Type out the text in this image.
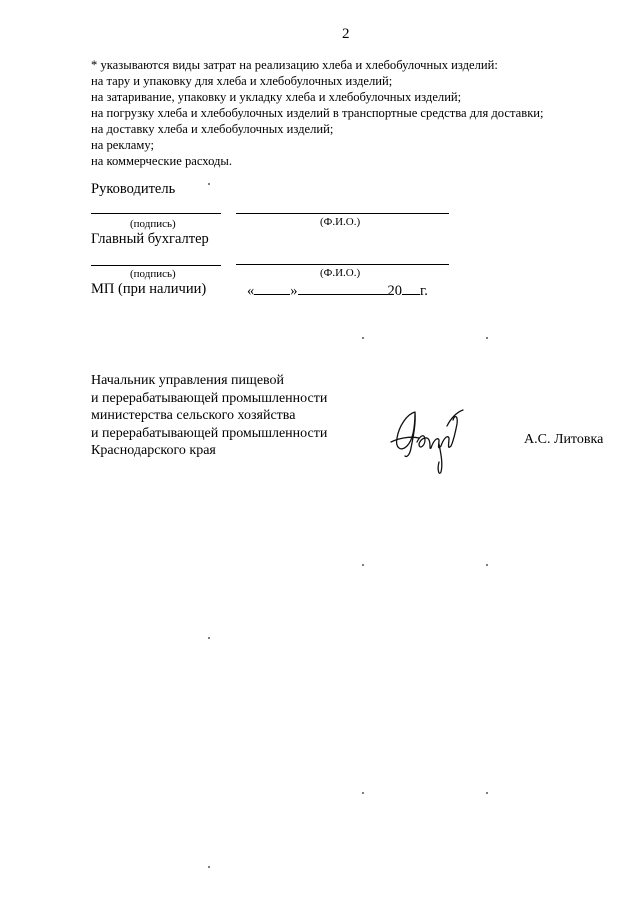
2
* указываются виды затрат на реализацию хлеба и хлебобулочных изделий:
на тару и упаковку для хлеба и хлебобулочных изделий;
на затаривание, упаковку и укладку хлеба и хлебобулочных изделий;
на погрузку хлеба и хлебобулочных изделий в транспортные средства для доставки;
на доставку хлеба и хлебобулочных изделий;
на рекламу;
на коммерческие расходы.
Руководитель
(подпись)	(Ф.И.О.)
Главный бухгалтер
(подпись)	(Ф.И.О.)
МП (при наличии)	« »	20 г.
Начальник управления пищевой
и перерабатывающей промышленности
министерства сельского хозяйства
и перерабатывающей промышленности
Краснодарского края
А.С. Литовка
